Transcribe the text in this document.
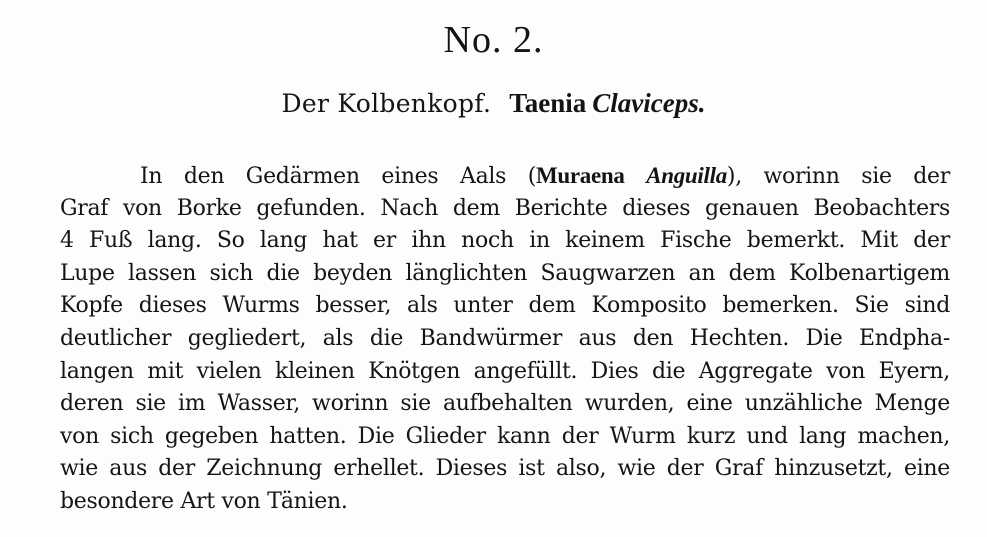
No. 2.
Der Kolbenkopf. Taenia Claviceps.
In den Gedärmen eines Aals (Muraena Anguilla), worinn sie der
Graf von Borke gefunden. Nach dem Berichte dieses genauen Beobachters
4 Fuß lang. So lang hat er ihn noch in keinem Fische bemerkt. Mit der
Lupe lassen sich die beyden länglichten Saugwarzen an dem Kolbenartigem
Kopfe dieses Wurms besser, als unter dem Komposito bemerken. Sie sind
deutlicher gegliedert, als die Bandwürmer aus den Hechten. Die Endpha-
langen mit vielen kleinen Knötgen angefüllt. Dies die Aggregate von Eyern,
deren sie im Wasser, worinn sie aufbehalten wurden, eine unzähliche Menge
von sich gegeben hatten. Die Glieder kann der Wurm kurz und lang machen,
wie aus der Zeichnung erhellet. Dieses ist also, wie der Graf hinzusetzt, eine
besondere Art von Tänien.
